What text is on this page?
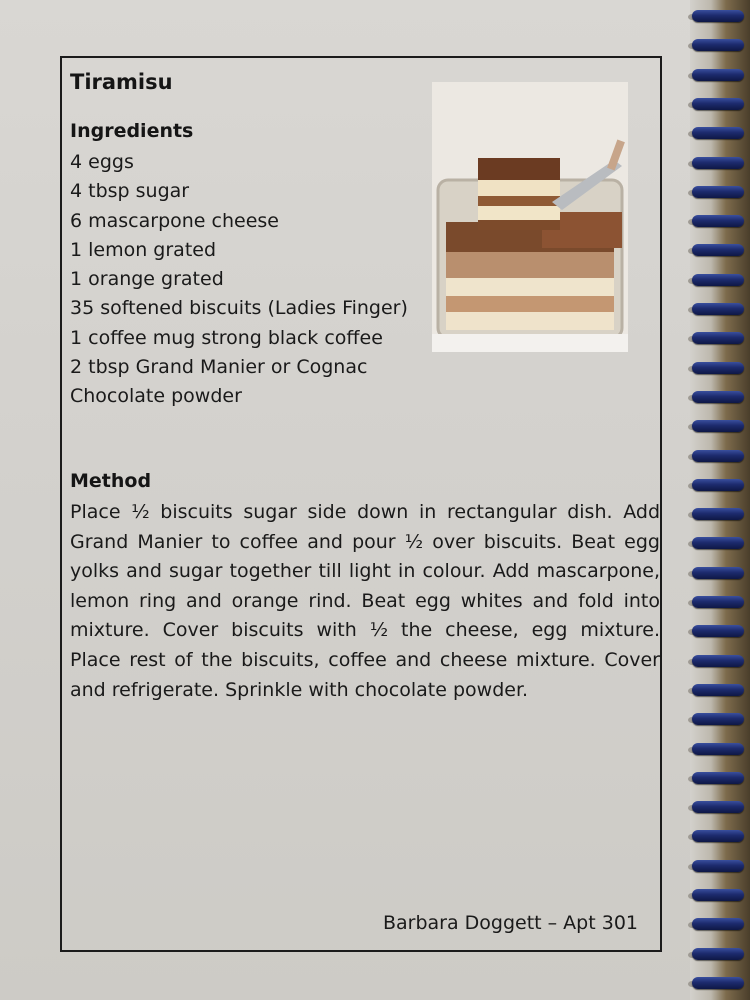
Tiramisu
Ingredients
4 eggs
4 tbsp sugar
6 mascarpone cheese
1 lemon grated
1 orange grated
35 softened biscuits (Ladies Finger)
1 coffee mug strong black coffee
2 tbsp Grand Manier or Cognac
Chocolate powder
Method

Place ½ biscuits sugar side down in rectangular dish. Add Grand Manier to coffee and pour ½ over biscuits. Beat egg yolks and sugar together till light in colour. Add mascarpone, lemon ring and orange rind. Beat egg whites and fold into mixture. Cover biscuits with ½ the cheese, egg mixture. Place rest of the biscuits, coffee and cheese mixture. Cover and refrigerate. Sprinkle with chocolate powder.

Barbara Doggett – Apt 301
